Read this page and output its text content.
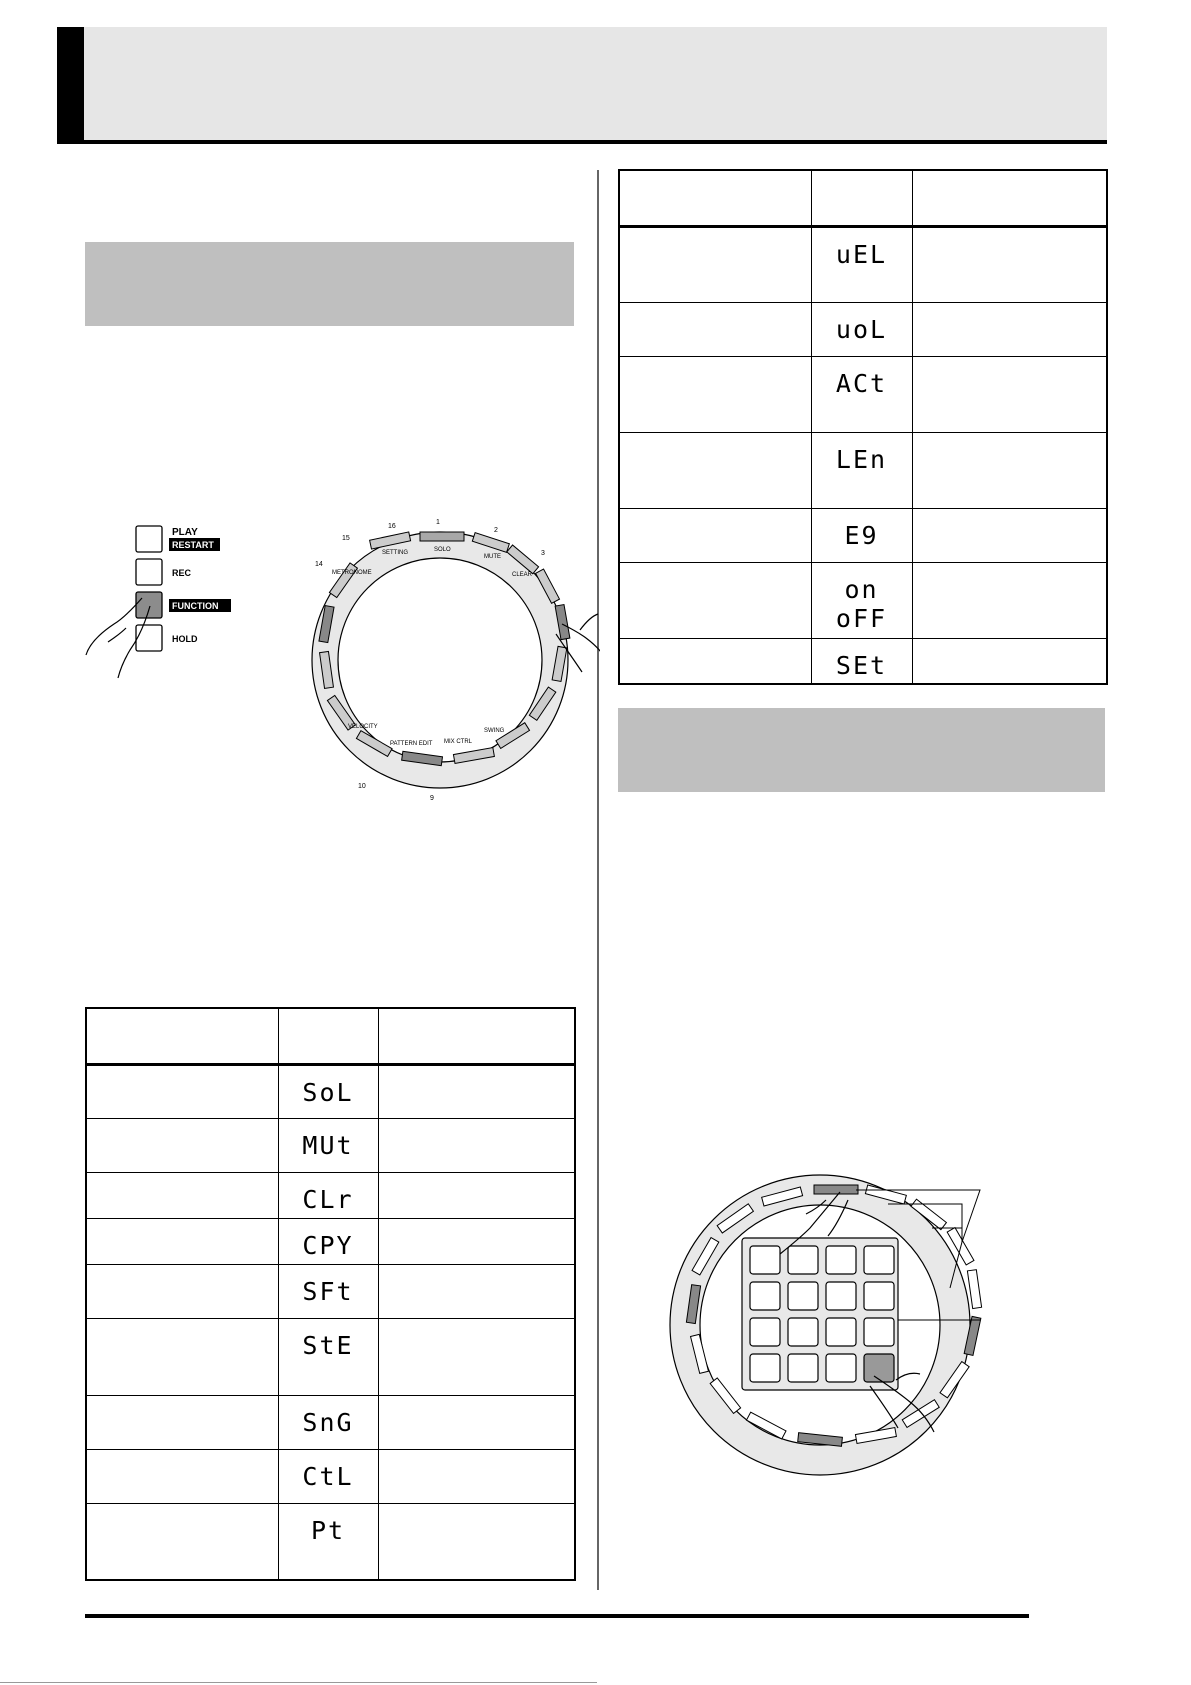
PLAY
RESTART
REC
FUNCTION
HOLD
1
16
2
3
15
14
9
10
SETTING	SOLO
MUTE
CLEAR
PATTERN EDIT MIX CTRL
SWING
VELOCITY
METRONOME

	SoL	
	MUt	
	CLr	
	CPY	
	SFt	
	StE	
	SnG	
	CtL	
	Pt	

	uEL	
	uoL	
	ACt	
	LEn	
	E9	
	on oFF	
	SEt	
